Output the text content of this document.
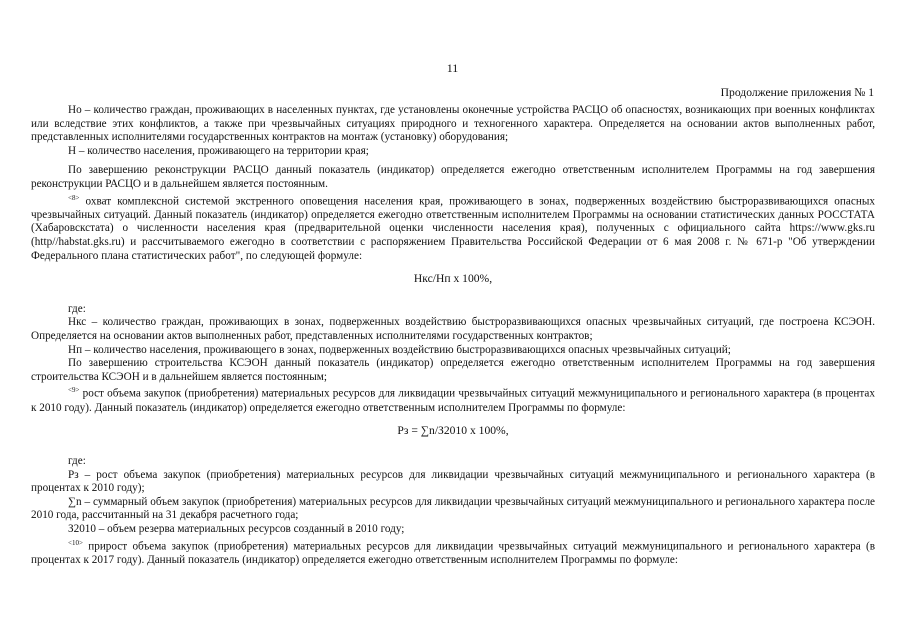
11
Продолжение приложения № 1

Hо – количество граждан, проживающих в населенных пунктах, где установлены оконечные устройства РАСЦО об опасностях, возникающих при военных конфликтах или вследствие этих конфликтов, а также при чрезвычайных ситуациях природного и техногенного характера. Определяется на основании актов выполненных работ, представленных исполнителями государственных контрактов на монтаж (установку) оборудования;

Н – количество населения, проживающего на территории края;

По завершению реконструкции РАСЦО данный показатель (индикатор) определяется ежегодно ответственным исполнителем Программы на год завершения реконструкции РАСЦО и в дальнейшем является постоянным.

$^{<8>}$ охват комплексной системой экстренного оповещения населения края, проживающего в зонах, подверженных воздействию быстроразвивающихся опасных чрезвычайных ситуаций. Данный показатель (индикатор) определяется ежегодно ответственным исполнителем Программы на основании статистических данных РОССТАТА (Хабаровскстата) о численности населения края (предварительной оценки численности населения края), полученных с официального сайта https://www.gks.ru (http//habstat.gks.ru) и рассчитываемого ежегодно в соответствии с распоряжением Правительства Российской Федерации от 6 мая 2008 г. № 671-р "Об утверждении Федерального плана статистических работ", по следующей формуле:

Нкс/Нп х 100%,

где:

Нкс – количество граждан, проживающих в зонах, подверженных воздействию быстроразвивающихся опасных чрезвычайных ситуаций, где построена КСЭОН. Определяется на основании актов выполненных работ, представленных исполнителями государственных контрактов;

Нп – количество населения, проживающего в зонах, подверженных воздействию быстроразвивающихся опасных чрезвычайных ситуаций;

По завершению строительства КСЭОН данный показатель (индикатор) определяется ежегодно ответственным исполнителем Программы на год завершения строительства КСЭОН и в дальнейшем является постоянным;

$^{<9>}$ рост объема закупок (приобретения) материальных ресурсов для ликвидации чрезвычайных ситуаций межмуниципального и регионального характера (в процентах к 2010 году). Данный показатель (индикатор) определяется ежегодно ответственным исполнителем Программы по формуле:

Рз = ∑n/З2010 х 100%,

где:

Рз – рост объема закупок (приобретения) материальных ресурсов для ликвидации чрезвычайных ситуаций межмуниципального и регионального характера (в процентах к 2010 году);

∑n – суммарный объем закупок (приобретения) материальных ресурсов для ликвидации чрезвычайных ситуаций межмуниципального и регионального характера после 2010 года, рассчитанный на 31 декабря расчетного года;

З2010 – объем резерва материальных ресурсов созданный в 2010 году;

$^{<10>}$ прирост объема закупок (приобретения) материальных ресурсов для ликвидации чрезвычайных ситуаций межмуниципального и регионального характера (в процентах к 2017 году). Данный показатель (индикатор) определяется ежегодно ответственным исполнителем Программы по формуле:
